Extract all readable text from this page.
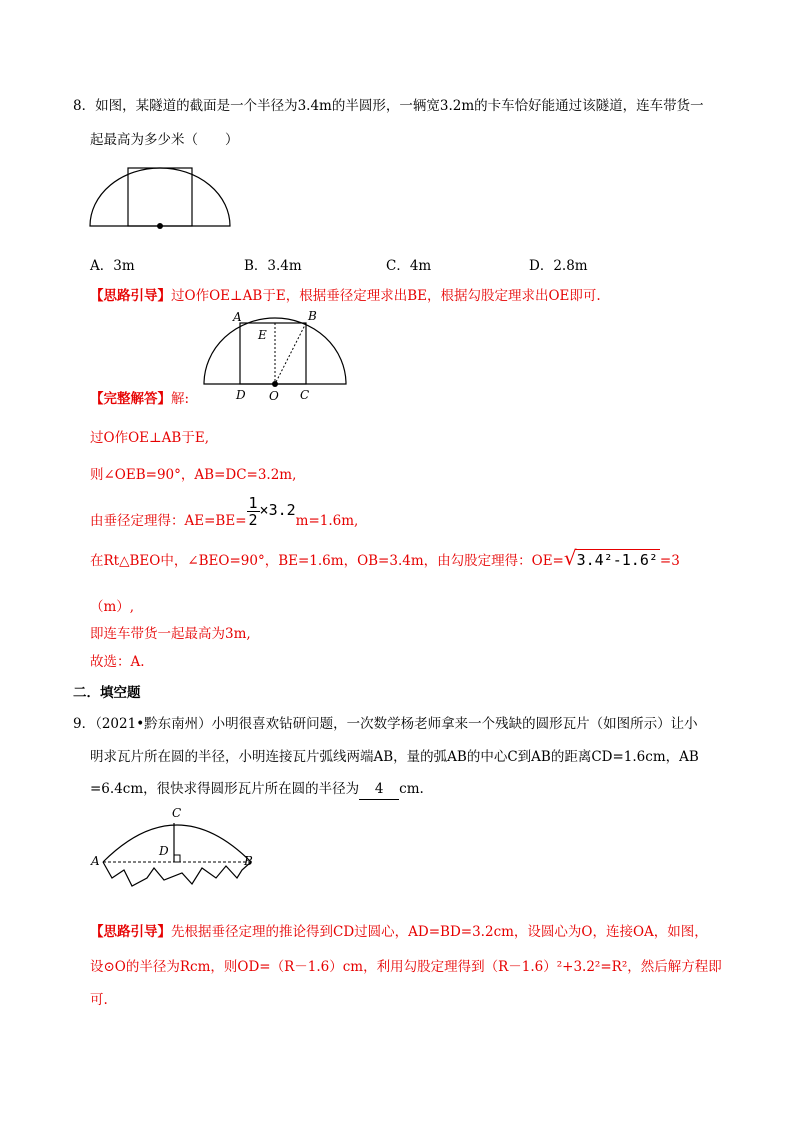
8．如图，某隧道的截面是一个半径为3.4m的半圆形，一辆宽3.2m的卡车恰好能通过该隧道，连车带货一
起最高为多少米（　　）
A．3m	B．3.4m	C．4m	D．2.8m
【思路引导】过O作OE⊥AB于E，根据垂径定理求出BE，根据勾股定理求出OE即可.
A	B
E
D O C
【完整解答】解:
过O作OE⊥AB于E,
则∠OEB=90°，AB=DC=3.2m,
由垂径定理得：$AE=BE= \frac{1}{2} \times 3.2m=1.6m$,
在Rt△BEO中，∠BEO=90°，BE=1.6m，OB=3.4m，由勾股定理得：OE=√3.4²-1.6² =3
（m）,
即连车带货一起最高为3m,
故选：A.
二．填空题
9．（2021•黔东南州）小明很喜欢钻研问题，一次数学杨老师拿来一个残缺的圆形瓦片（如图所示）让小
明求瓦片所在圆的半径，小明连接瓦片弧线两端AB，量的弧AB的中心C到AB的距离CD=1.6cm，AB
=6.4cm，很快求得圆形瓦片所在圆的半径为 4 cm.
C
D
A	B
【思路引导】先根据垂径定理的推论得到CD过圆心，AD=BD=3.2cm，设圆心为O，连接OA，如图，
设⊙O的半径为Rcm，则OD=（R－1.6）cm，利用勾股定理得到（R－1.6）²+3.2²=R²，然后解方程即
可.
